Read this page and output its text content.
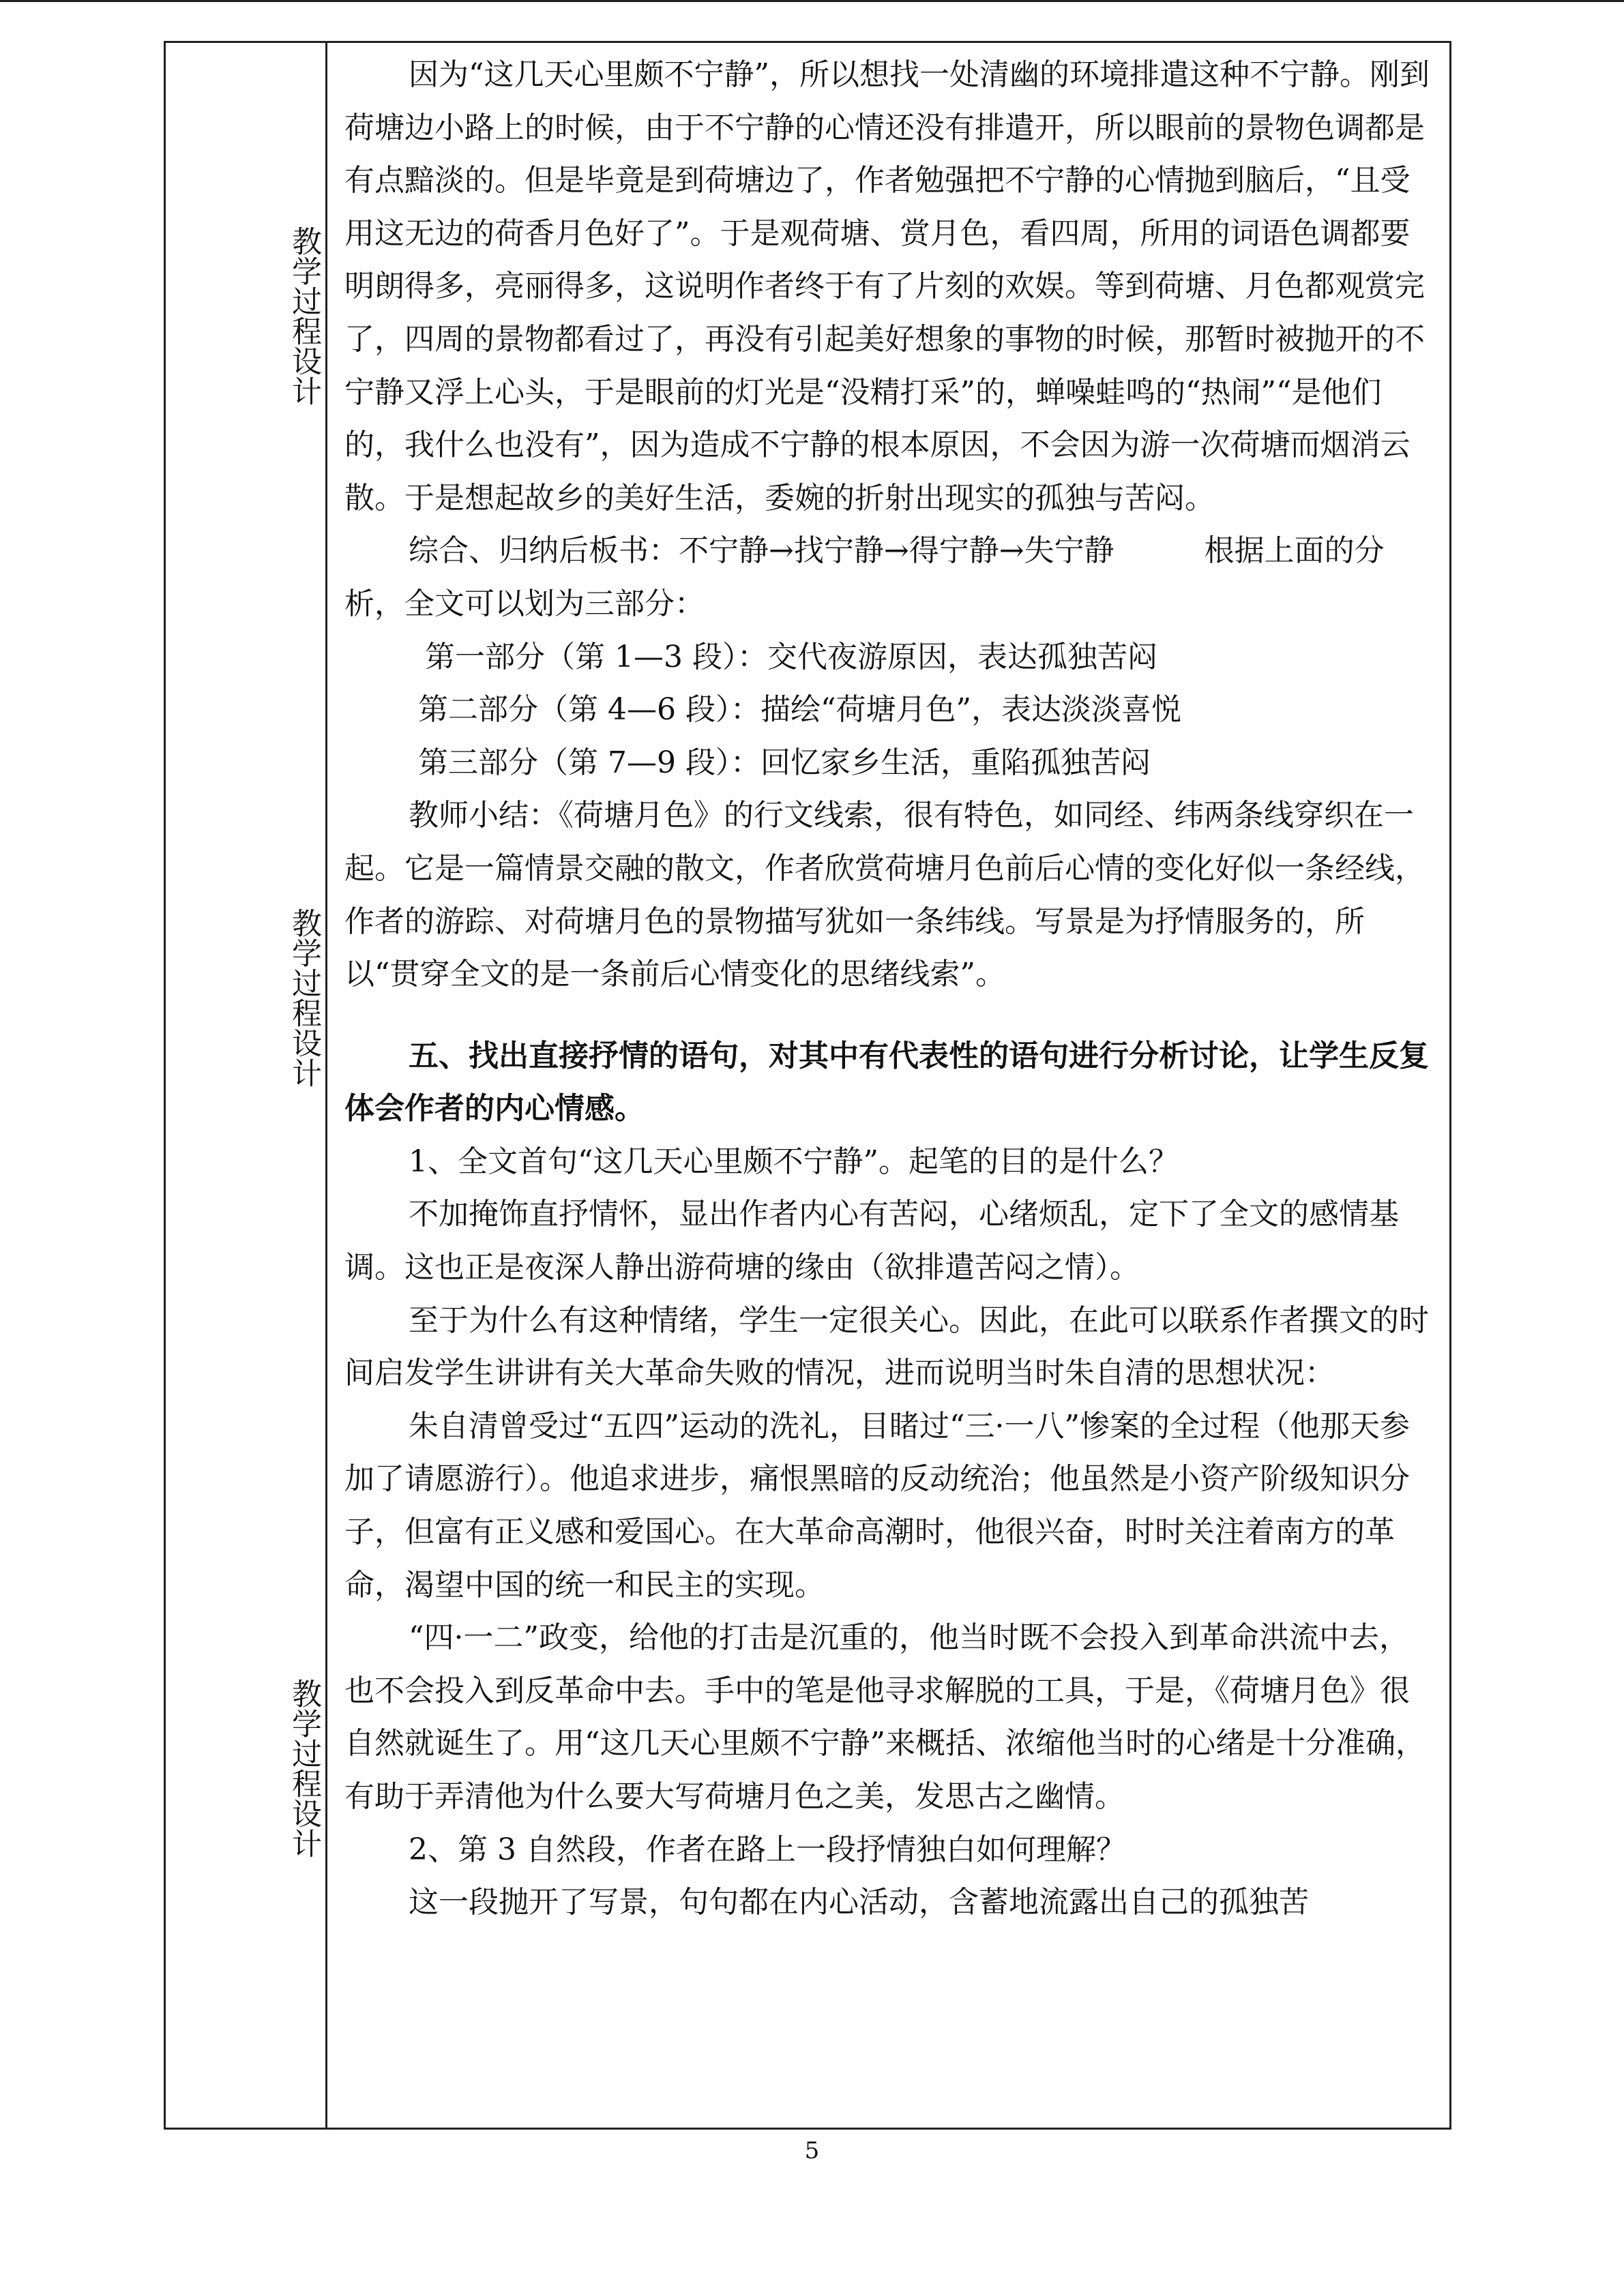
教学过程设计
教学过程设计
教学过程设计

因为“这几天心里颇不宁静”，所以想找一处清幽的环境排遣这种不宁静。刚到荷塘边小路上的时候，由于不宁静的心情还没有排遣开，所以眼前的景物色调都是有点黯淡的。但是毕竟是到荷塘边了，作者勉强把不宁静的心情抛到脑后，“且受用这无边的荷香月色好了”。于是观荷塘、赏月色，看四周，所用的词语色调都要明朗得多，亮丽得多，这说明作者终于有了片刻的欢娱。等到荷塘、月色都观赏完了，四周的景物都看过了，再没有引起美好想象的事物的时候，那暂时被抛开的不宁静又浮上心头，于是眼前的灯光是“没精打采”的，蝉噪蛙鸣的“热闹”“是他们的，我什么也没有”，因为造成不宁静的根本原因，不会因为游一次荷塘而烟消云散。于是想起故乡的美好生活，委婉的折射出现实的孤独与苦闷。

综合、归纳后板书：不宁静→找宁静→得宁静→失宁静　　　根据上面的分析，全文可以划为三部分：

第一部分（第 1—3 段）：交代夜游原因，表达孤独苦闷

第二部分（第 4—6 段）：描绘“荷塘月色”，表达淡淡喜悦

第三部分（第 7—9 段）：回忆家乡生活，重陷孤独苦闷

教师小结：《荷塘月色》的行文线索，很有特色，如同经、纬两条线穿织在一起。它是一篇情景交融的散文，作者欣赏荷塘月色前后心情的变化好似一条经线，作者的游踪、对荷塘月色的景物描写犹如一条纬线。写景是为抒情服务的，所以“贯穿全文的是一条前后心情变化的思绪线索”。

五、找出直接抒情的语句，对其中有代表性的语句进行分析讨论，让学生反复体会作者的内心情感。

1、全文首句“这几天心里颇不宁静”。起笔的目的是什么？

不加掩饰直抒情怀，显出作者内心有苦闷，心绪烦乱，定下了全文的感情基调。这也正是夜深人静出游荷塘的缘由（欲排遣苦闷之情）。

至于为什么有这种情绪，学生一定很关心。因此，在此可以联系作者撰文的时间启发学生讲讲有关大革命失败的情况，进而说明当时朱自清的思想状况：

朱自清曾受过“五四”运动的洗礼，目睹过“三·一八”惨案的全过程（他那天参加了请愿游行）。他追求进步，痛恨黑暗的反动统治；他虽然是小资产阶级知识分子，但富有正义感和爱国心。在大革命高潮时，他很兴奋，时时关注着南方的革命，渴望中国的统一和民主的实现。

“四·一二”政变，给他的打击是沉重的，他当时既不会投入到革命洪流中去，也不会投入到反革命中去。手中的笔是他寻求解脱的工具，于是，《荷塘月色》很自然就诞生了。用“这几天心里颇不宁静”来概括、浓缩他当时的心绪是十分准确，有助于弄清他为什么要大写荷塘月色之美，发思古之幽情。

2、第 3 自然段，作者在路上一段抒情独白如何理解？

这一段抛开了写景，句句都在内心活动，含蓄地流露出自己的孤独苦

5
